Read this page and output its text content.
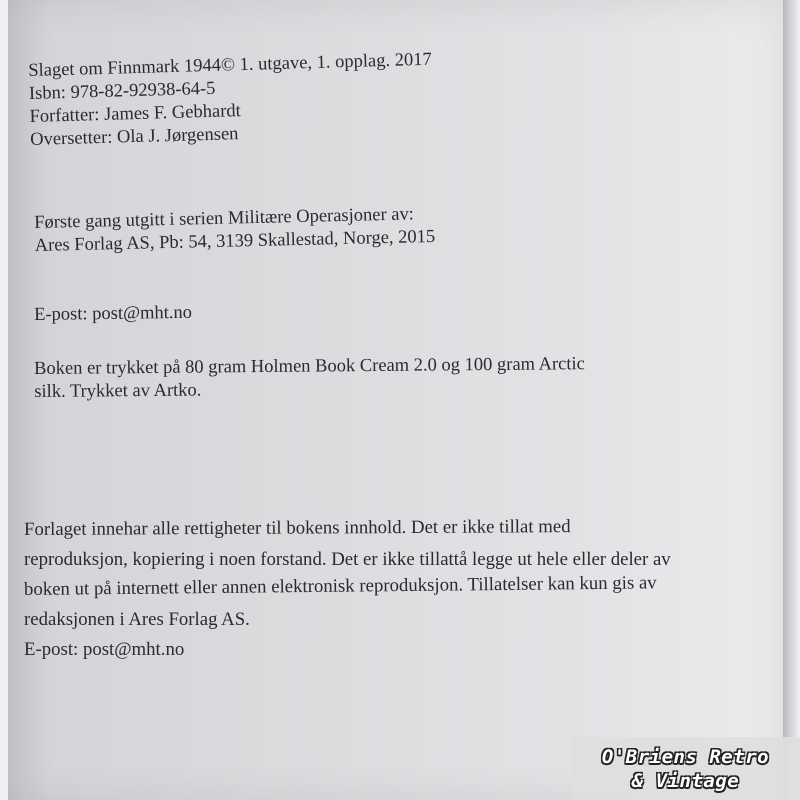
Slaget om Finnmark 1944© 1. utgave, 1. opplag. 2017
Isbn: 978-82-92938-64-5
Forfatter: James F. Gebhardt
Oversetter: Ola J. Jørgensen
Første gang utgitt i serien Militære Operasjoner av:
Ares Forlag AS, Pb: 54, 3139 Skallestad, Norge, 2015
E-post: post@mht.no
Boken er trykket på 80 gram Holmen Book Cream 2.0 og 100 gram Arctic
silk. Trykket av Artko.
Forlaget innehar alle rettigheter til bokens innhold. Det er ikke tillat med
reproduksjon, kopiering i noen forstand. Det er ikke tillattå legge ut hele eller deler av
boken ut på internett eller annen elektronisk reproduksjon. Tillatelser kan kun gis av
redaksjonen i Ares Forlag AS.
E-post: post@mht.no
O'Briens Retro
& Vintage
